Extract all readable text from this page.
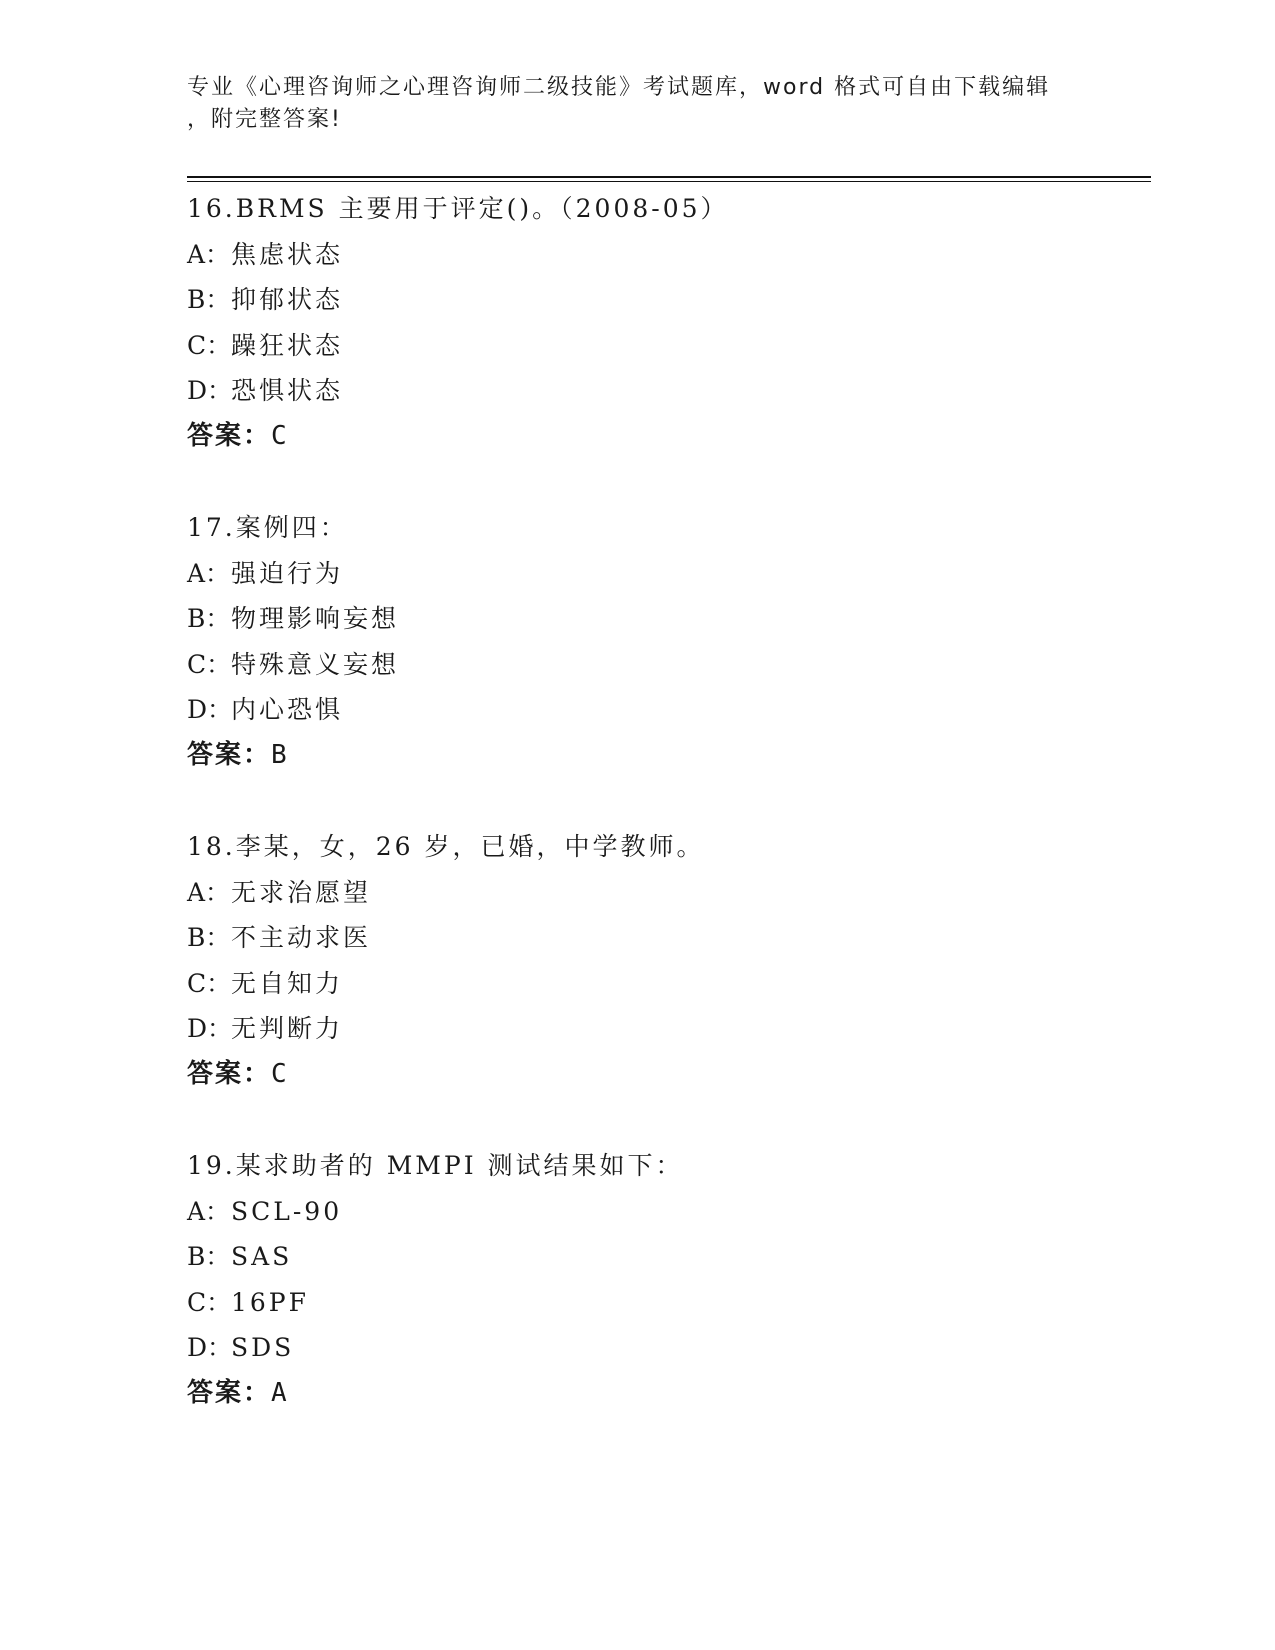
专业《心理咨询师之心理咨询师二级技能》考试题库，word 格式可自由下载编辑
，附完整答案!
16.BRMS 主要用于评定()。（2008-05）
A：焦虑状态
B：抑郁状态
C：躁狂状态
D：恐惧状态
答案：C
17.案例四：
A：强迫行为
B：物理影响妄想
C：特殊意义妄想
D：内心恐惧
答案：B
18.李某，女，26 岁，已婚，中学教师。
A：无求治愿望
B：不主动求医
C：无自知力
D：无判断力
答案：C
19.某求助者的 MMPI 测试结果如下：
A：SCL-90
B：SAS
C：16PF
D：SDS
答案：A
